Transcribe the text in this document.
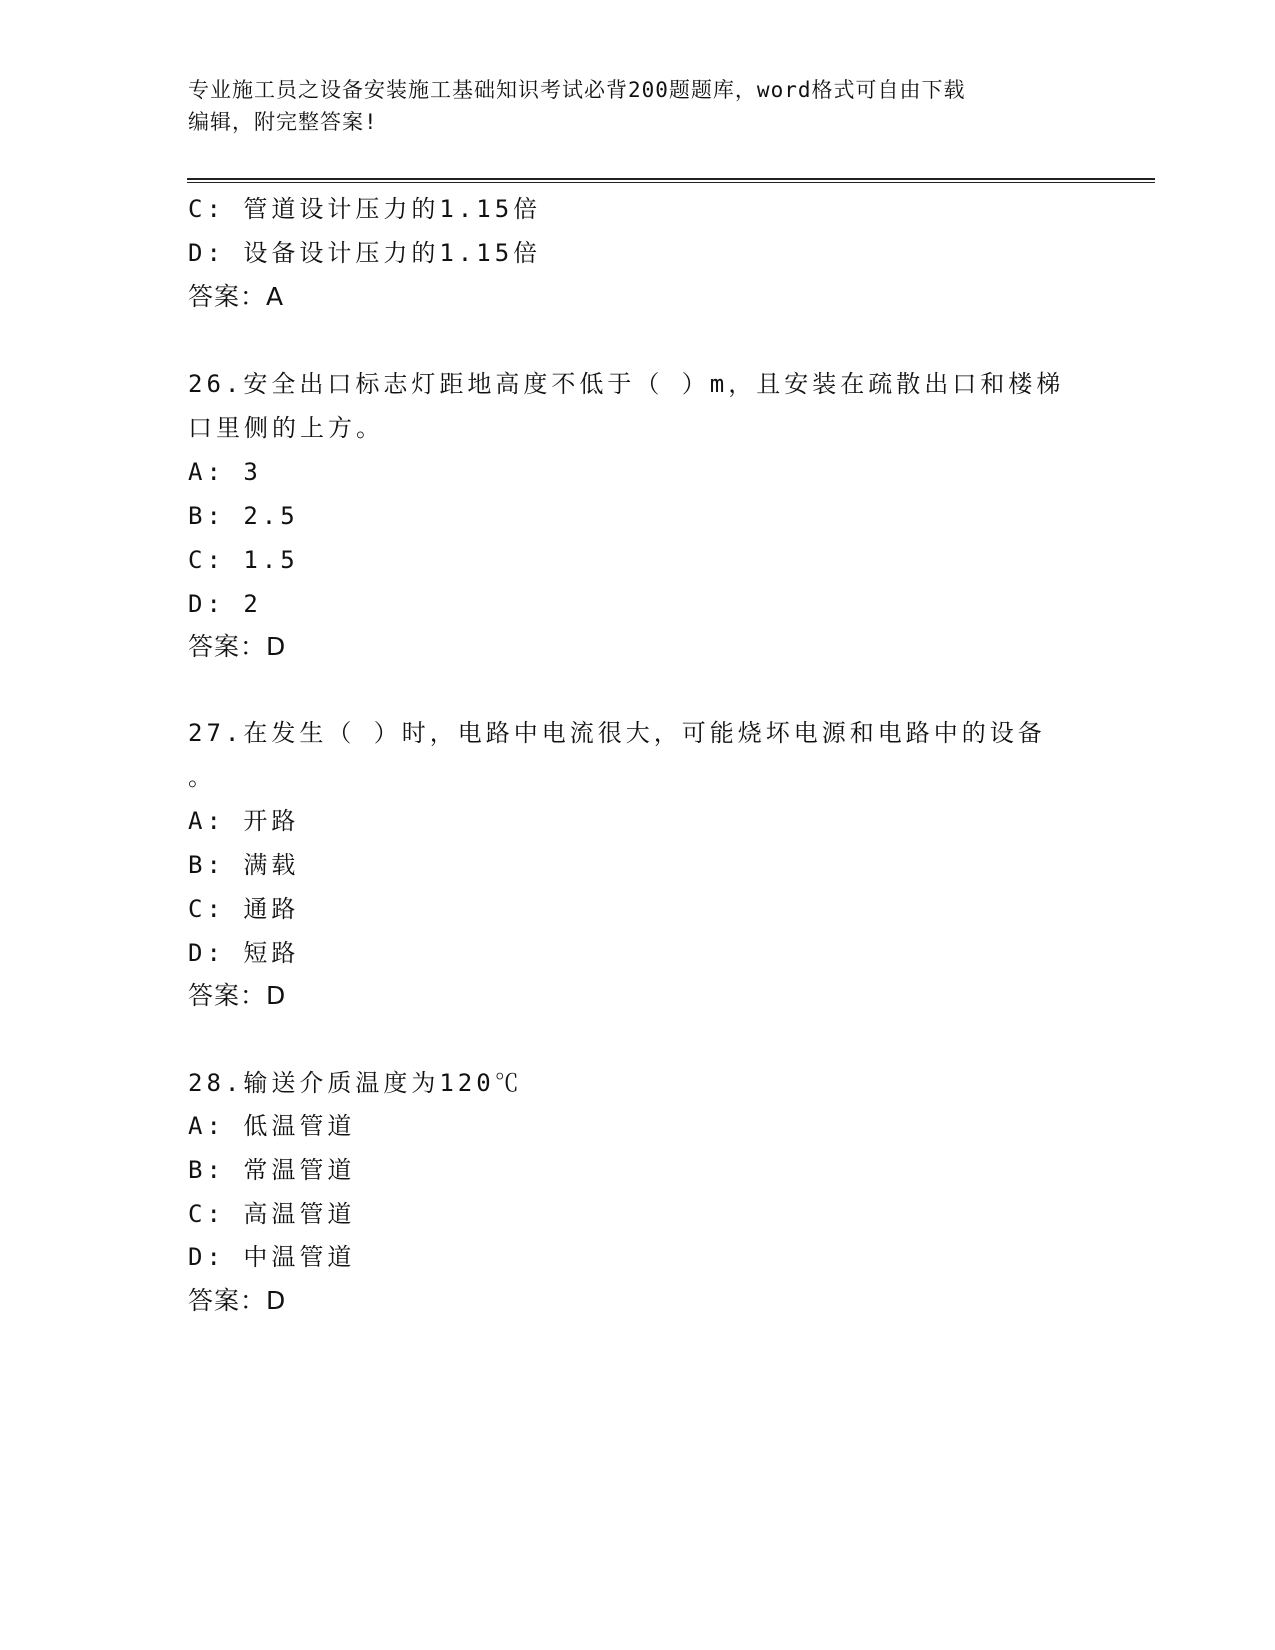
专业施工员之设备安装施工基础知识考试必背200题题库，word格式可自由下载
编辑，附完整答案!
C: 管道设计压力的1.15倍
D: 设备设计压力的1.15倍
答案：A
26.安全出口标志灯距地高度不低于（ ）m，且安装在疏散出口和楼梯
口里侧的上方。
A: 3
B: 2.5
C: 1.5
D: 2
答案：D
27.在发生（ ）时，电路中电流很大，可能烧坏电源和电路中的设备
。
A: 开路
B: 满载
C: 通路
D: 短路
答案：D
28.输送介质温度为120℃
A: 低温管道
B: 常温管道
C: 高温管道
D: 中温管道
答案：D
